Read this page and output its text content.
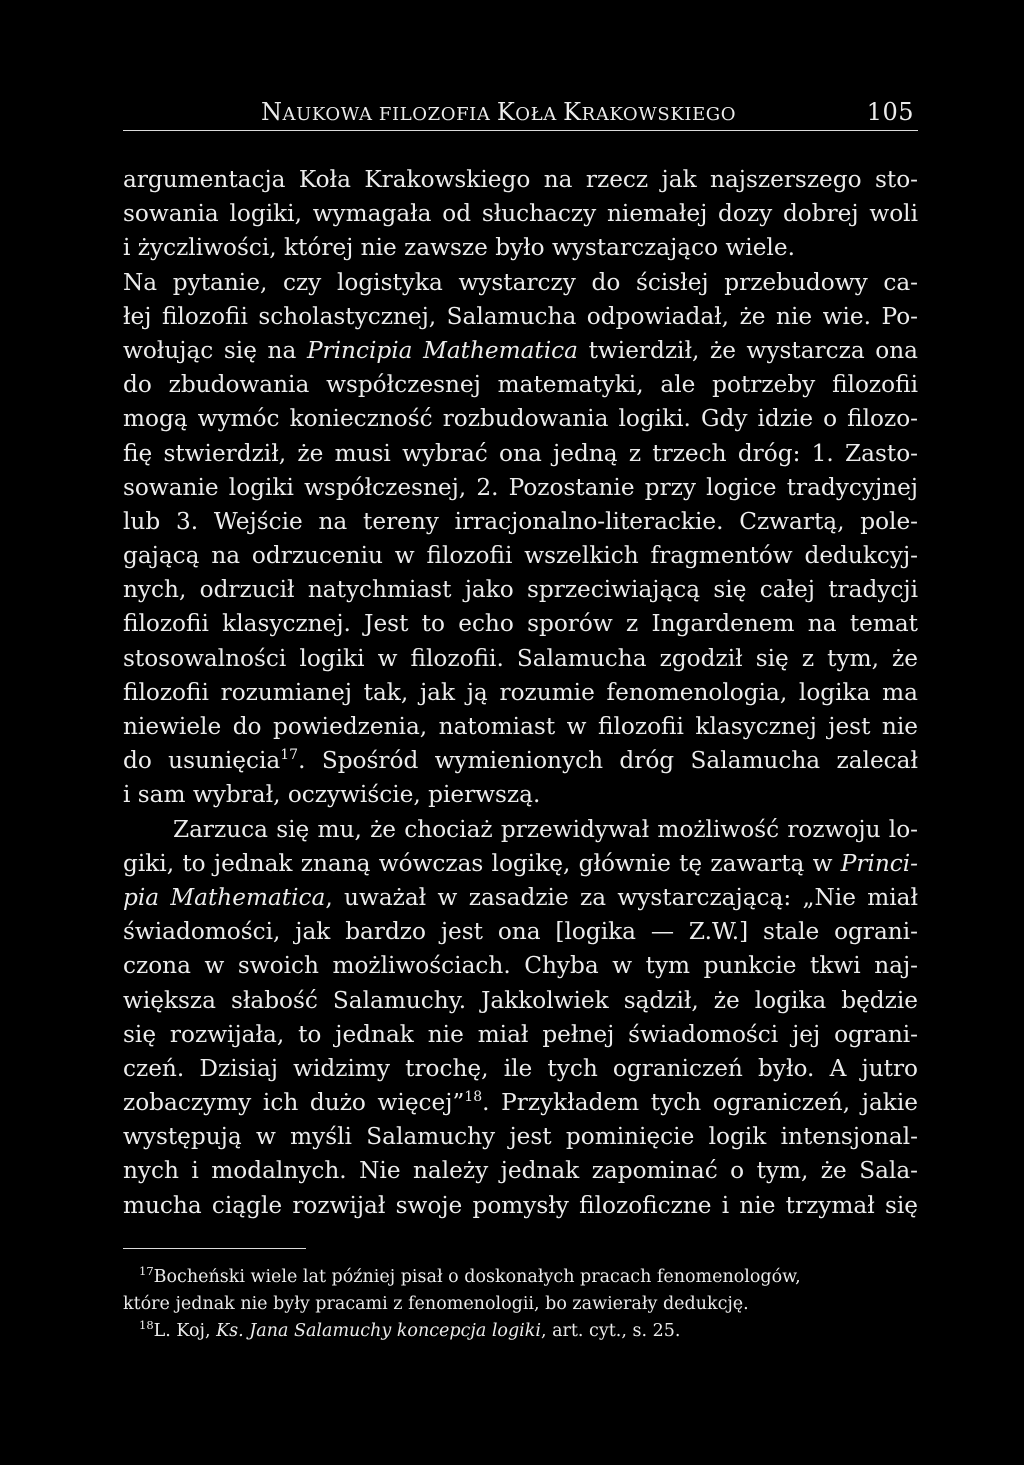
NAUKOWA FILOZOFIA KOŁA KRAKOWSKIEGO	105
argumentacja Koła Krakowskiego na rzecz jak najszerszego sto-
sowania logiki, wymagała od słuchaczy niemałej dozy dobrej woli
i życzliwości, której nie zawsze było wystarczająco wiele.
Na pytanie, czy logistyka wystarczy do ścisłej przebudowy ca-
łej filozofii scholastycznej, Salamucha odpowiadał, że nie wie. Po-
wołując się na Principia Mathematica twierdził, że wystarcza ona
do zbudowania współczesnej matematyki, ale potrzeby filozofii
mogą wymóc konieczność rozbudowania logiki. Gdy idzie o filozo-
fię stwierdził, że musi wybrać ona jedną z trzech dróg: 1. Zasto-
sowanie logiki współczesnej, 2. Pozostanie przy logice tradycyjnej
lub 3. Wejście na tereny irracjonalno-literackie. Czwartą, pole-
gającą na odrzuceniu w filozofii wszelkich fragmentów dedukcyj-
nych, odrzucił natychmiast jako sprzeciwiającą się całej tradycji
filozofii klasycznej. Jest to echo sporów z Ingardenem na temat
stosowalności logiki w filozofii. Salamucha zgodził się z tym, że
filozofii rozumianej tak, jak ją rozumie fenomenologia, logika ma
niewiele do powiedzenia, natomiast w filozofii klasycznej jest nie
do usunięcia$^{17}$. Spośród wymienionych dróg Salamucha zalecał
i sam wybrał, oczywiście, pierwszą.
Zarzuca się mu, że chociaż przewidywał możliwość rozwoju lo-
giki, to jednak znaną wówczas logikę, głównie tę zawartą w Princi-
pia Mathematica, uważał w zasadzie za wystarczającą: „Nie miał
świadomości, jak bardzo jest ona [logika — Z.W.] stale ograni-
czona w swoich możliwościach. Chyba w tym punkcie tkwi naj-
większa słabość Salamuchy. Jakkolwiek sądził, że logika będzie
się rozwijała, to jednak nie miał pełnej świadomości jej ograni-
czeń. Dzisiaj widzimy trochę, ile tych ograniczeń było. A jutro
zobaczymy ich dużo więcej”$^{18}$. Przykładem tych ograniczeń, jakie
występują w myśli Salamuchy jest pominięcie logik intensjonal-
nych i modalnych. Nie należy jednak zapominać o tym, że Sala-
mucha ciągle rozwijał swoje pomysły filozoficzne i nie trzymał się
$^{17}$Bocheński wiele lat później pisał o doskonałych pracach fenomenologów,
które jednak nie były pracami z fenomenologii, bo zawierały dedukcję.
$^{18}$L. Koj, Ks. Jana Salamuchy koncepcja logiki, art. cyt., s. 25.
